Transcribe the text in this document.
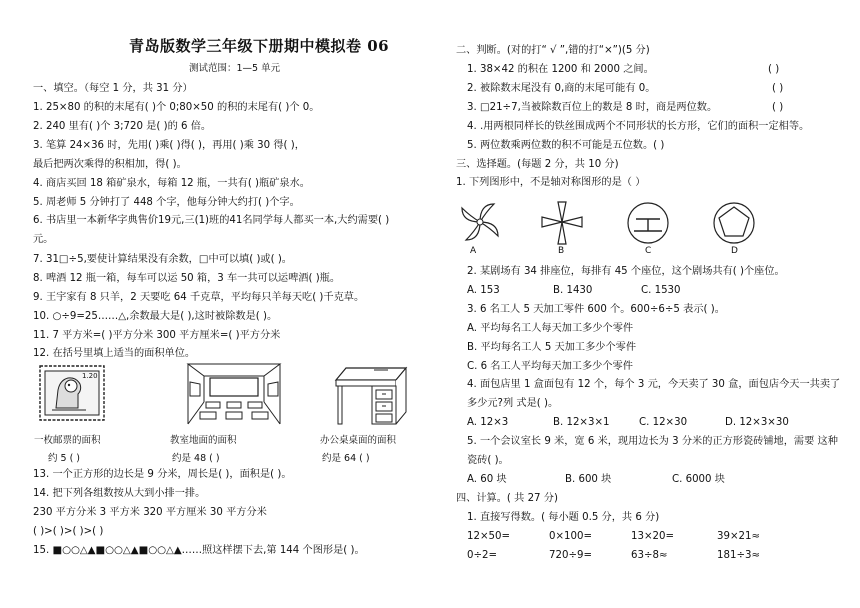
青岛版数学三年级下册期中模拟卷 06
测试范围：1—5 单元
一、填空。（每空 1 分，共 31 分）
1. 25×80 的积的末尾有( )个 0;80×50 的积的末尾有( )个 0。
2. 240 里有( )个 3;720 是( )的 6 倍。
3. 笔算 24×36 时，先用( )乘( )得( )，再用( )乘 30 得( )，
最后把两次乘得的积相加，得( )。
4. 商店买回 18 箱矿泉水，每箱 12 瓶，一共有( )瓶矿泉水。
5. 周老师 5 分钟打了 448 个字，他每分钟大约打( )个字。
6. 书店里一本新华字典售价19元,三(1)班的41名同学每人都买一本,大约需要( )
元。
7. 31□÷5,要使计算结果没有余数，□中可以填( )或( )。
8. 啤酒 12 瓶一箱，每车可以运 50 箱，3 车一共可以运啤酒( )瓶。
9. 王宇家有 8 只羊，2 天要吃 64 千克草，平均每只羊每天吃( )千克草。
10. ○÷9=25……△,余数最大是( ),这时被除数是( )。
11. 7 平方米=( )平方分米 300 平方厘米=( )平方分米
12. 在括号里填上适当的面积单位。
1.20
一枚邮票的面积	教室地面的面积	办公桌桌面的面积
约 5 ( )	约是 48 ( )	约是 64 ( )
13. 一个正方形的边长是 9 分米，周长是( )，面积是( )。
14. 把下列各组数按从大到小排一排。
230 平方分米 3 平方米 320 平方厘米 30 平方分米
( )>( )>( )>( )
15. ■○○△▲■○○△▲■○○△▲……照这样摆下去,第 144 个图形是( )。
二、判断。(对的打“ √ ”,错的打“×”)(5 分)
1. 38×42 的积在 1200 和 2000 之间。	( )
2. 被除数末尾没有 0,商的末尾可能有 0。	( )
3. □21÷7,当被除数百位上的数是 8 时，商是两位数。	( )
4. .用两根同样长的铁丝围成两个不同形状的长方形，它们的面积一定相等。
5. 两位数乘两位数的积不可能是五位数。( )
三、选择题。(每题 2 分，共 10 分)
1. 下列图形中，不是轴对称图形的是（ ）
A	B	C	D
2. 某剧场有 34 排座位，每排有 45 个座位，这个剧场共有( )个座位。
A. 153	B. 1430	C. 1530
3. 6 名工人 5 天加工零件 600 个。600÷6÷5 表示( )。
A. 平均每名工人每天加工多少个零件
B. 平均每名工人 5 天加工多少个零件
C. 6 名工人平均每天加工多少个零件
4. 面包店里 1 盒面包有 12 个，每个 3 元，今天卖了 30 盒，面包店今天一共卖了
多少元?列 式是( )。
A. 12×3	B. 12×3×1	C. 12×30	D. 12×3×30
5. 一个会议室长 9 米，宽 6 米，现用边长为 3 分米的正方形瓷砖铺地，需要 这种
瓷砖( )。
A. 60 块	B. 600 块	C. 6000 块
四、计算。( 共 27 分)
1. 直接写得数。( 每小题 0.5 分，共 6 分)
12×50=	0×100=	13×20=	39×21≈
0÷2=	720÷9=	63÷8≈	181÷3≈
